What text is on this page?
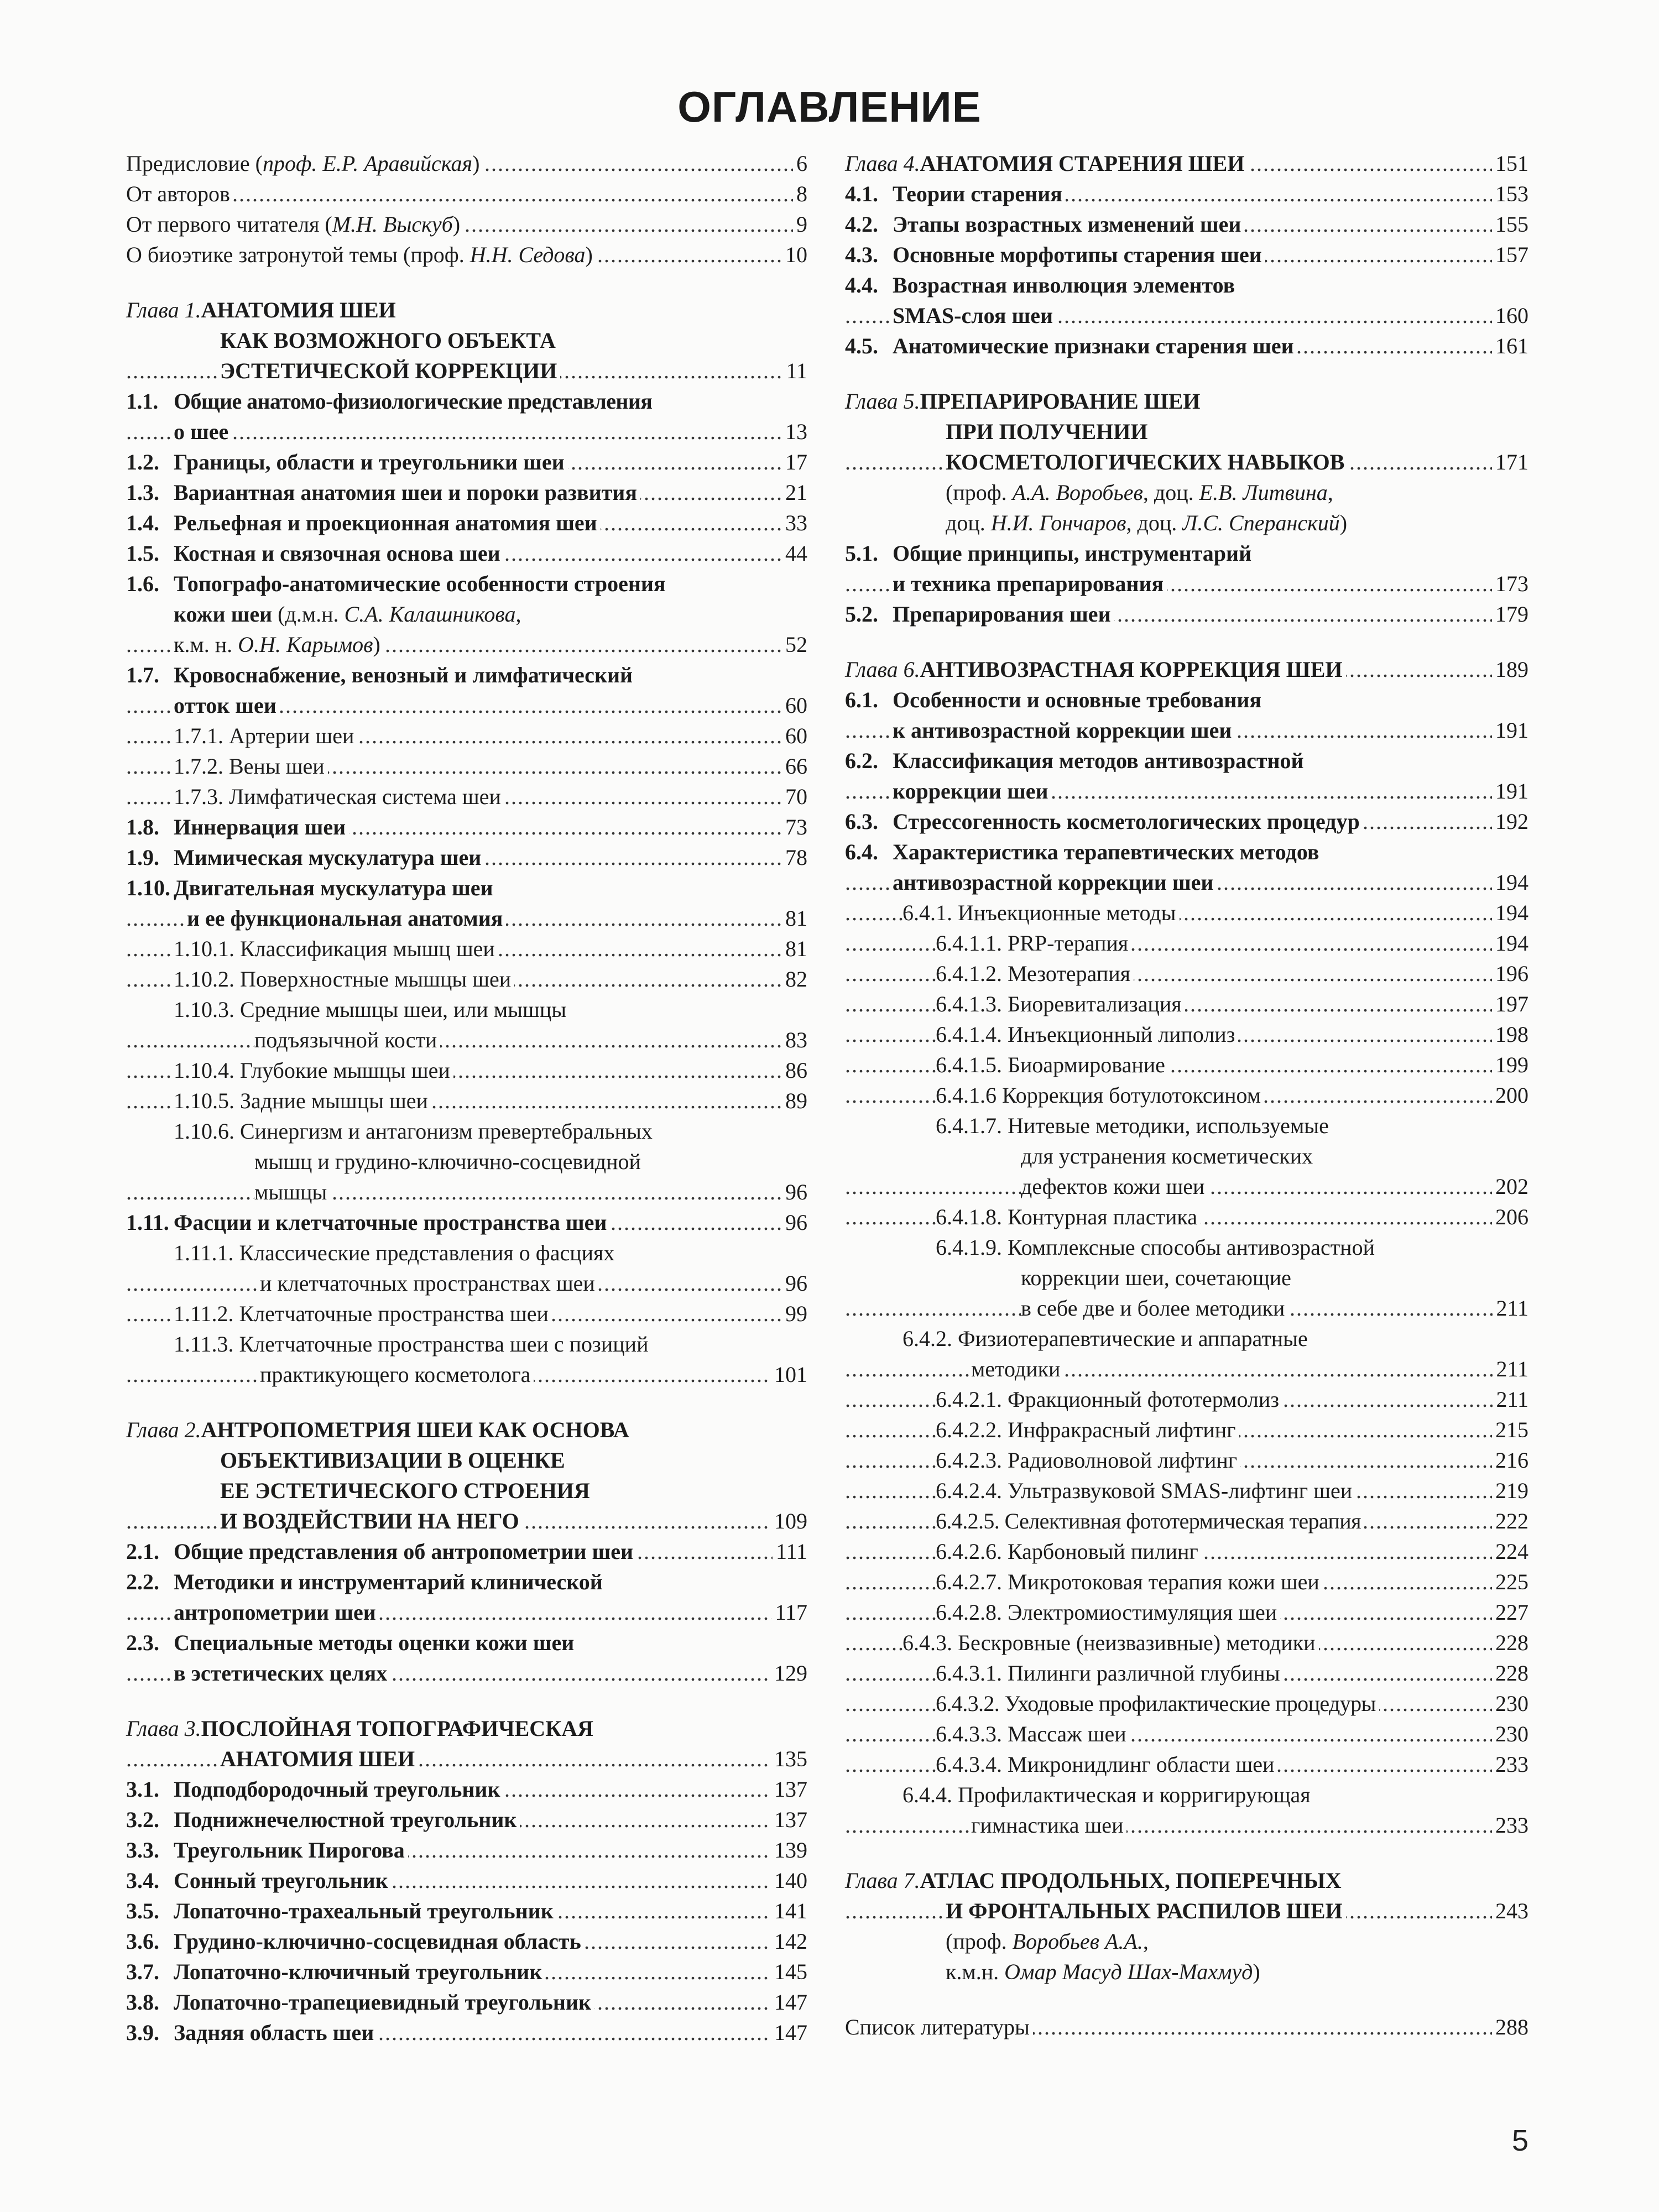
ОГЛАВЛЕНИЕ
. . .
Предисловие ( проф. Е.Р. Аравийская )	6
. . .
От авторов	8
. . .
От первого читателя ( М.Н. Выскуб )	9
. . .
О биоэтике затронутой темы (проф. Н.Н. Седова )	10
Глава 1. АНАТОМИЯ ШЕИ
КАК ВОЗМОЖНОГО ОБЪЕКТА
. . .
ЭСТЕТИЧЕСКОЙ КОРРЕКЦИИ	11
1.1. Общие анатомо-физиологические представления
. . .
о шее	13
. . .
1.2. Границы, области и треугольники шеи	17
. . .
1.3. Вариантная анатомия шеи и пороки развития	21
. . .
1.4. Рельефная и проекционная анатомия шеи	33
. . .
1.5. Костная и связочная основа шеи	44
1.6. Топографо-анатомические особенности строения
кожи шеи (д.м.н. С.А. Калашникова ,
. . .
к.м. н. О.Н. Карымов )	52
1.7. Кровоснабжение, венозный и лимфатический
. . .
отток шеи	60
. . .
1.7.1. Артерии шеи	60
. . .
1.7.2. Вены шеи	66
. . .
1.7.3. Лимфатическая система шеи	70
. . .
1.8. Иннервация шеи	73
. . .
1.9. Мимическая мускулатура шеи	78
1.10. Двигательная мускулатура шеи
. . .
и ее функциональная анатомия	81
. . .
1.10.1. Классификация мышц шеи	81
. . .
1.10.2. Поверхностные мышцы шеи	82
1.10.3. Средние мышцы шеи, или мышцы
. . .
подъязычной кости	83
. . .
1.10.4. Глубокие мышцы шеи	86
. . .
1.10.5. Задние мышцы шеи	89
1.10.6. Синергизм и антагонизм превертебральных
мышц и грудино-ключично-сосцевидной
. . .
мышцы	96
. . .
1.11. Фасции и клетчаточные пространства шеи	96
1.11.1. Классические представления о фасциях
. . .
и клетчаточных пространствах шеи	96
. . .
1.11.2. Клетчаточные пространства шеи	99
1.11.3. Клетчаточные пространства шеи с позиций
. . .
практикующего косметолога	101
Глава 2. АНТРОПОМЕТРИЯ ШЕИ КАК ОСНОВА
ОБЪЕКТИВИЗАЦИИ В ОЦЕНКЕ
ЕЕ ЭСТЕТИЧЕСКОГО СТРОЕНИЯ
. . .
И ВОЗДЕЙСТВИИ НА НЕГО	109
. . .
2.1. Общие представления об антропометрии шеи	111
2.2. Методики и инструментарий клинической
. . .
антропометрии шеи	117
2.3. Специальные методы оценки кожи шеи
. . .
в эстетических целях	129
Глава 3. ПОСЛОЙНАЯ ТОПОГРАФИЧЕСКАЯ
. . .
АНАТОМИЯ ШЕИ	135
. . .
3.1. Подподбородочный треугольник	137
. . .
3.2. Поднижнечелюстной треугольник	137
. . .
3.3. Треугольник Пирогова	139
. . .
3.4. Сонный треугольник	140
. . .
3.5. Лопаточно-трахеальный треугольник	141
. . .
3.6. Грудино-ключично-сосцевидная область	142
. . .
3.7. Лопаточно-ключичный треугольник	145
. . .
3.8. Лопаточно-трапециевидный треугольник	147
. . .
3.9. Задняя область шеи	147
. . .
Глава 4. АНАТОМИЯ СТАРЕНИЯ ШЕИ	151
. . .
4.1. Теории старения	153
. . .
4.2. Этапы возрастных изменений шеи	155
. . .
4.3. Основные морфотипы старения шеи	157
4.4. Возрастная инволюция элементов
. . .
SMAS-слоя шеи	160
. . .
4.5. Анатомические признаки старения шеи	161
Глава 5. ПРЕПАРИРОВАНИЕ ШЕИ
ПРИ ПОЛУЧЕНИИ
. . .
КОСМЕТОЛОГИЧЕСКИХ НАВЫКОВ	171
(проф. А.А. Воробьев , доц. Е.В. Литвина ,
доц. Н.И. Гончаров , доц. Л.С. Сперанский )
5.1. Общие принципы, инструментарий
. . .
и техника препарирования	173
. . .
5.2. Препарирования шеи	179
. . .
Глава 6. АНТИВОЗРАСТНАЯ КОРРЕКЦИЯ ШЕИ	189
6.1. Особенности и основные требования
. . .
к антивозрастной коррекции шеи	191
6.2. Классификация методов антивозрастной
. . .
коррекции шеи	191
. . .
6.3. Стрессогенность косметологических процедур	192
6.4. Характеристика терапевтических методов
. . .
антивозрастной коррекции шеи	194
. . .
6.4.1. Инъекционные методы	194
. . .
6.4.1.1. PRP-терапия	194
. . .
6.4.1.2. Мезотерапия	196
. . .
6.4.1.3. Биоревитализация	197
. . .
6.4.1.4. Инъекционный липолиз	198
. . .
6.4.1.5. Биоармирование	199
. . .
6.4.1.6 Коррекция ботулотоксином	200
6.4.1.7. Нитевые методики, используемые
для устранения косметических
. . .
дефектов кожи шеи	202
. . .
6.4.1.8. Контурная пластика	206
6.4.1.9. Комплексные способы антивозрастной
коррекции шеи, сочетающие
. . .
в себе две и более методики	211
6.4.2. Физиотерапевтические и аппаратные
. . .
методики	211
. . .
6.4.2.1. Фракционный фототермолиз	211
. . .
6.4.2.2. Инфракрасный лифтинг	215
. . .
6.4.2.3. Радиоволновой лифтинг	216
. . .
6.4.2.4. Ультразвуковой SMAS-лифтинг шеи	219
. . .
6.4.2.5. Селективная фототермическая терапия	222
. . .
6.4.2.6. Карбоновый пилинг	224
. . .
6.4.2.7. Микротоковая терапия кожи шеи	225
. . .
6.4.2.8. Электромиостимуляция шеи	227
. . .
6.4.3. Бескровные (неизвазивные) методики	228
. . .
6.4.3.1. Пилинги различной глубины	228
. . .
6.4.3.2. Уходовые профилактические процедуры	230
. . .
6.4.3.3. Массаж шеи	230
. . .
6.4.3.4. Микронидлинг области шеи	233
6.4.4. Профилактическая и корригирующая
. . .
гимнастика шеи	233
Глава 7. АТЛАС ПРОДОЛЬНЫХ, ПОПЕРЕЧНЫХ
. . .
И ФРОНТАЛЬНЫХ РАСПИЛОВ ШЕИ	243
(проф. Воробьев А.А. ,
к.м.н. Омар Масуд Шах-Махмуд )
. . .
Список литературы	288
5
